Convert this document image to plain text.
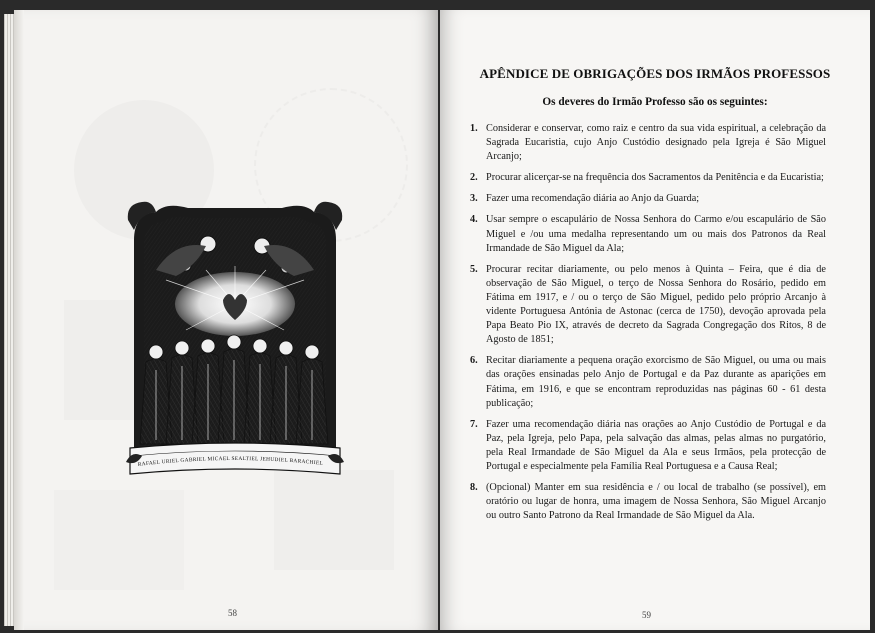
RAFAEL URIEL GABRIEL MICAEL SEALTIEL JEHUDIEL BARACHIEL
58
APÊNDICE DE OBRIGAÇÕES DOS IRMÃOS PROFESSOS
Os deveres do Irmão Professo são os seguintes:
1. Considerar e conservar, como raiz e centro da sua vida espiritual, a celebração da Sagrada Eucaristia, cujo Anjo Custódio designado pela Igreja é São Miguel Arcanjo;
2. Procurar alicerçar-se na frequência dos Sacramentos da Penitência e da Eucaristia;
3. Fazer uma recomendação diária ao Anjo da Guarda;
4. Usar sempre o escapulário de Nossa Senhora do Carmo e/ou escapulário de São Miguel e /ou uma medalha representando um ou mais dos Patronos da Real Irmandade de São Miguel da Ala;
5. Procurar recitar diariamente, ou pelo menos à Quinta – Feira, que é dia de observação de São Miguel, o terço de Nossa Senhora do Rosário, pedido em Fátima em 1917, e / ou o terço de São Miguel, pedido pelo próprio Arcanjo à vidente Portuguesa Antónia de Astonac (cerca de 1750), devoção aprovada pela Papa Beato Pio IX, através de decreto da Sagrada Congregação dos Ritos, 8 de Agosto de 1851;
6. Recitar diariamente a pequena oração exorcismo de São Miguel, ou uma ou mais das orações ensinadas pelo Anjo de Portugal e da Paz durante as aparições em Fátima, em 1916, e que se encontram reproduzidas nas páginas 60 - 61 desta publicação;
7. Fazer uma recomendação diária nas orações ao Anjo Custódio de Portugal e da Paz, pela Igreja, pelo Papa, pela salvação das almas, pelas almas no purgatório, pela Real Irmandade de São Miguel da Ala e seus Irmãos, pela protecção de Portugal e especialmente pela Família Real Portuguesa e a Causa Real;
8. (Opcional) Manter em sua residência e / ou local de trabalho (se possível), em oratório ou lugar de honra, uma imagem de Nossa Senhora, São Miguel Arcanjo ou outro Santo Patrono da Real Irmandade de São Miguel da Ala.
59
